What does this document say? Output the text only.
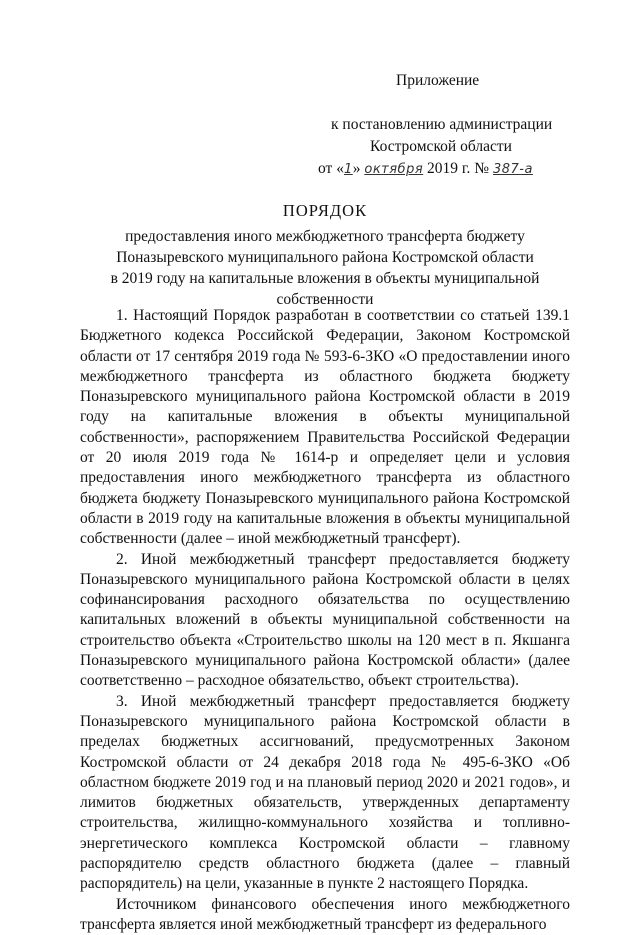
Приложение
к постановлению администрации
Костромской области
от «1» октября 2019 г. № 387-а
ПОРЯДОК
предоставления иного межбюджетного трансферта бюджету
Поназыревского муниципального района Костромской области
в 2019 году на капитальные вложения в объекты муниципальной
собственности

1. Настоящий Порядок разработан в соответствии со статьей 139.1 Бюджетного кодекса Российской Федерации, Законом Костромской области от 17 сентября 2019 года № 593-6-ЗКО «О предоставлении иного межбюджетного трансферта из областного бюджета бюджету Поназыревского муниципального района Костромской области в 2019 году на капитальные вложения в объекты муниципальной собственности», распоряжением Правительства Российской Федерации от 20 июля 2019 года № 1614-р и определяет цели и условия предоставления иного межбюджетного трансферта из областного бюджета бюджету Поназыревского муниципального района Костромской области в 2019 году на капитальные вложения в объекты муниципальной собственности (далее – иной межбюджетный трансферт).

2. Иной межбюджетный трансферт предоставляется бюджету Поназыревского муниципального района Костромской области в целях софинансирования расходного обязательства по осуществлению капитальных вложений в объекты муниципальной собственности на строительство объекта «Строительство школы на 120 мест в п. Якшанга Поназыревского муниципального района Костромской области» (далее соответственно – расходное обязательство, объект строительства).

3. Иной межбюджетный трансферт предоставляется бюджету Поназыревского муниципального района Костромской области в пределах бюджетных ассигнований, предусмотренных Законом Костромской области от 24 декабря 2018 года № 495-6-ЗКО «Об областном бюджете 2019 год и на плановый период 2020 и 2021 годов», и лимитов бюджетных обязательств, утвержденных департаменту строительства, жилищно-коммунального хозяйства и топливно-энергетического комплекса Костромской области – главному распорядителю средств областного бюджета (далее – главный распорядитель) на цели, указанные в пункте 2 настоящего Порядка.

Источником финансового обеспечения иного межбюджетного трансферта является иной межбюджетный трансферт из федерального
